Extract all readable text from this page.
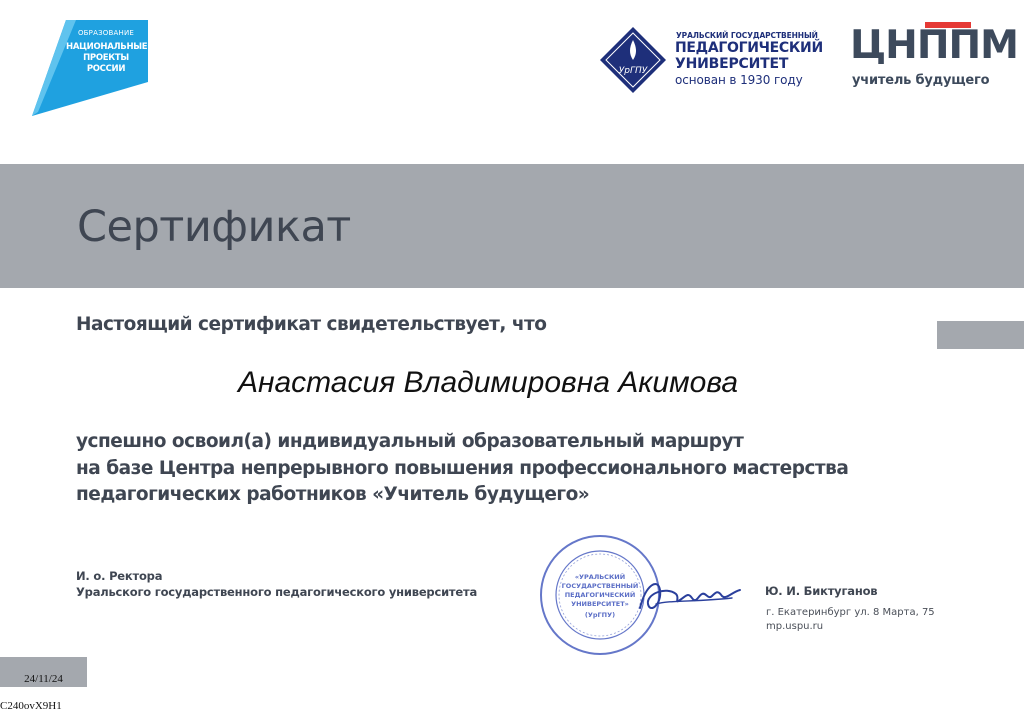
ОБРАЗОВАНИЕ
НАЦИОНАЛЬНЫЕ
ПРОЕКТЫ
РОССИИ	УрГПУ
УРАЛЬСКИЙ ГОСУДАРСТВЕННЫЙ
ПЕДАГОГИЧЕСКИЙ
УНИВЕРСИТЕТ
основан в 1930 году
ЦНППМ
учитель будущего
Сертификат
Настоящий сертификат свидетельствует, что
Анастасия Владимировна Акимова
успешно освоил(а) индивидуальный образовательный маршрут
на базе Центра непрерывного повышения профессионального мастерства
педагогических работников «Учитель будущего»
И. о. Ректора
Уральского государственного педагогического университета
«УРАЛЬСКИЙ
ГОСУДАРСТВЕННЫЙ
ПЕДАГОГИЧЕСКИЙ
УНИВЕРСИТЕТ»
(УрГПУ)
Ю. И. Биктуганов
г. Екатеринбург ул. 8 Марта, 75
mp.uspu.ru
24/11/24
C240ovX9H1
